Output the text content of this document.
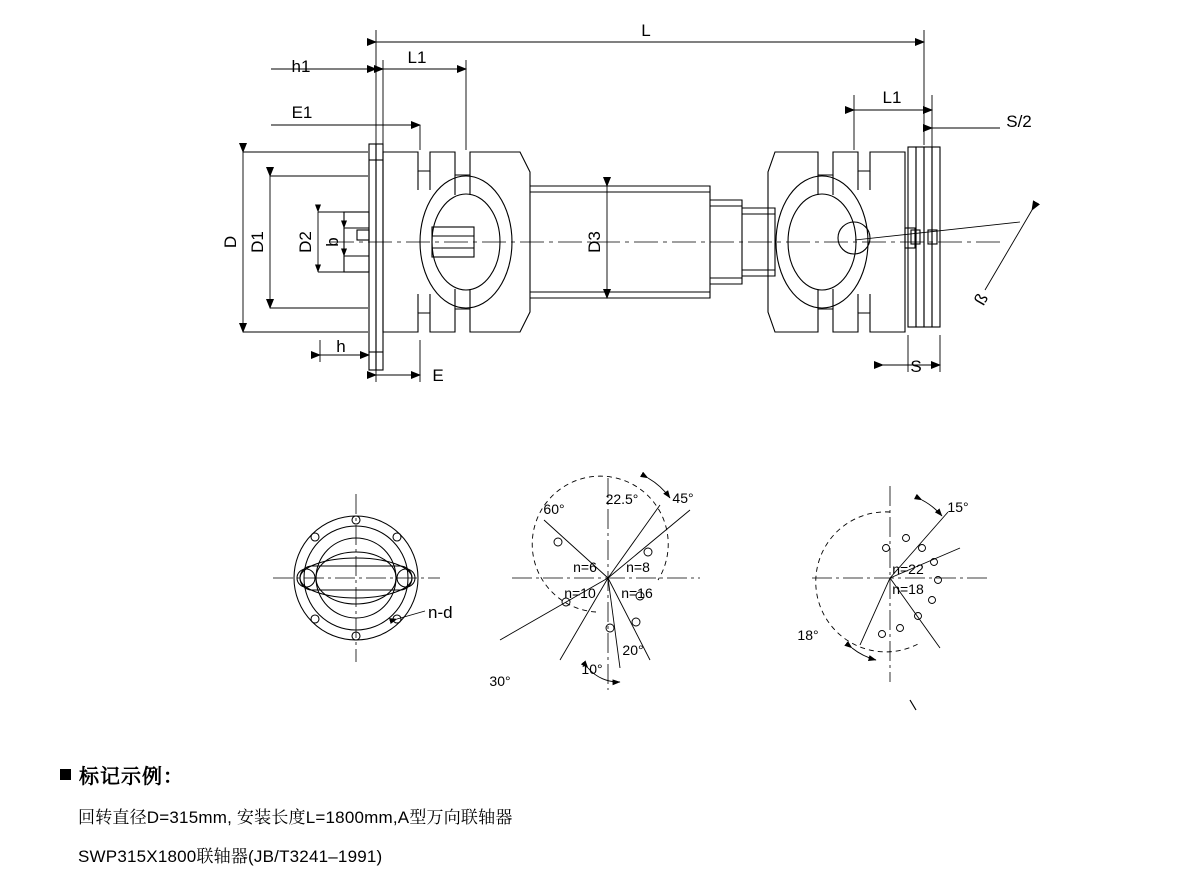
L
L1
L1
h1
E1
h
E
D D1 D2	D3
b
S
S/2
ß
n-d
60°
22.5° 45°
30°
10°
20°
n=6 n=8
n=10 n=16
15°
18°
n=22
n=18
标记示例：
回转直径D=315mm, 安装长度L=1800mm,A型万向联轴器
SWP315X1800联轴器(JB/T3241–1991)
